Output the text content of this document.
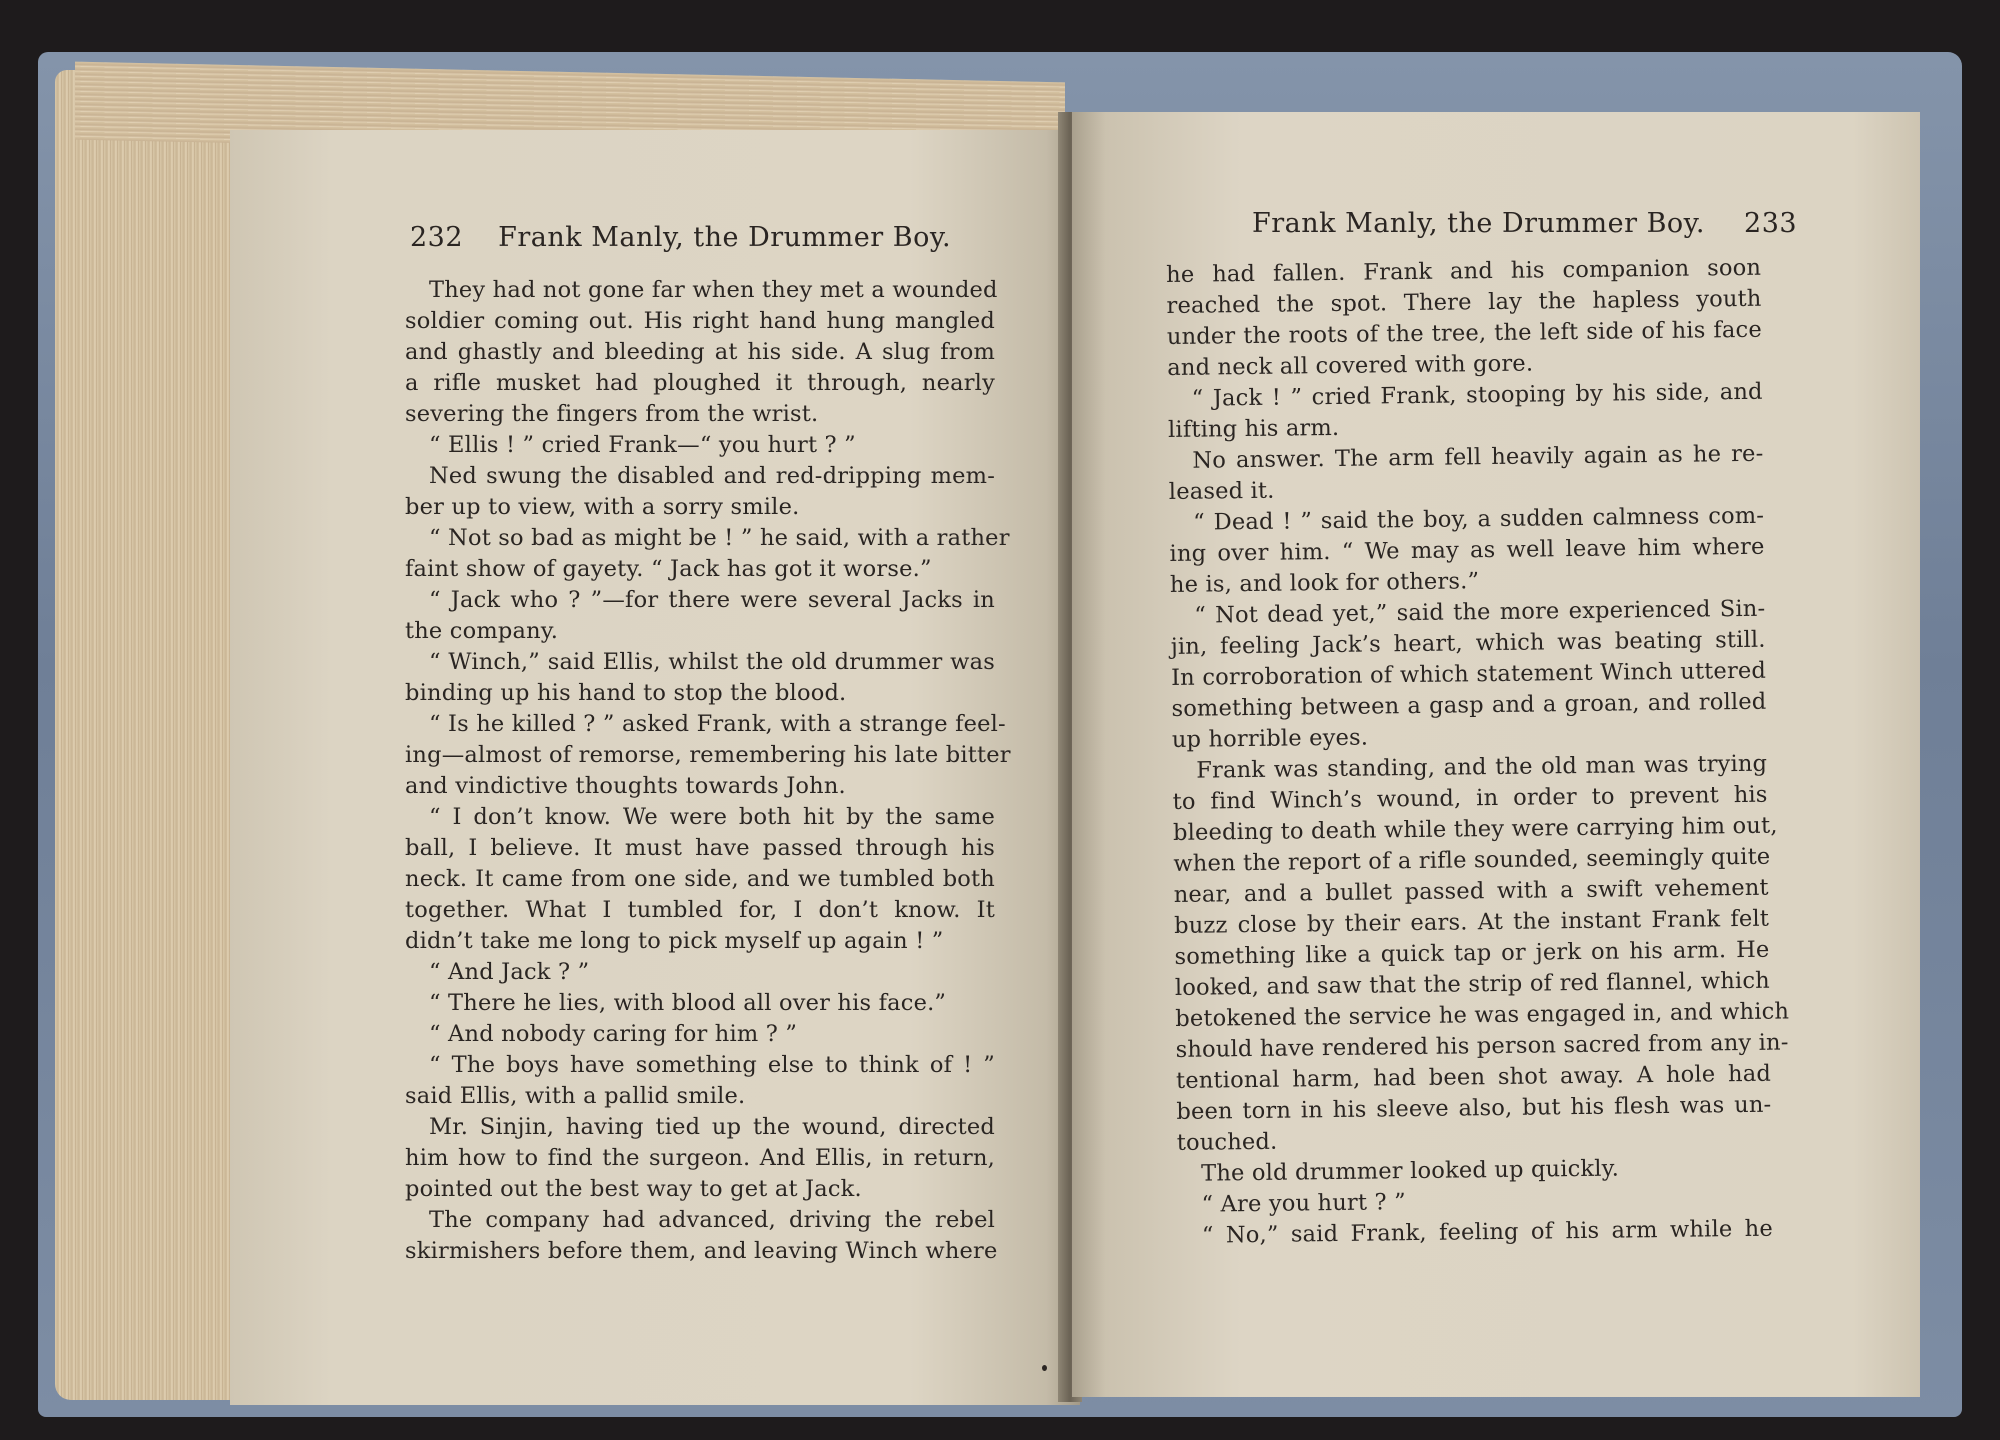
232 Frank Manly, the Drummer Boy.
They had not gone far when they met a wounded
soldier coming out. His right hand hung mangled
and ghastly and bleeding at his side. A slug from
a rifle musket had ploughed it through, nearly
severing the fingers from the wrist.
“ Ellis ! ” cried Frank—“ you hurt ? ”
Ned swung the disabled and red-dripping mem-
ber up to view, with a sorry smile.
“ Not so bad as might be ! ” he said, with a rather
faint show of gayety. “ Jack has got it worse.”
“ Jack who ? ”—for there were several Jacks in
the company.
“ Winch,” said Ellis, whilst the old drummer was
binding up his hand to stop the blood.
“ Is he killed ? ” asked Frank, with a strange feel-
ing—almost of remorse, remembering his late bitter
and vindictive thoughts towards John.
“ I don’t know. We were both hit by the same
ball, I believe. It must have passed through his
neck. It came from one side, and we tumbled both
together. What I tumbled for, I don’t know. It
didn’t take me long to pick myself up again ! ”
“ And Jack ? ”
“ There he lies, with blood all over his face.”
“ And nobody caring for him ? ”
“ The boys have something else to think of ! ”
said Ellis, with a pallid smile.
Mr. Sinjin, having tied up the wound, directed
him how to find the surgeon. And Ellis, in return,
pointed out the best way to get at Jack.
The company had advanced, driving the rebel
skirmishers before them, and leaving Winch where
Frank Manly, the Drummer Boy. 233
he had fallen. Frank and his companion soon
reached the spot. There lay the hapless youth
under the roots of the tree, the left side of his face
and neck all covered with gore.
“ Jack ! ” cried Frank, stooping by his side, and
lifting his arm.
No answer. The arm fell heavily again as he re-
leased it.
“ Dead ! ” said the boy, a sudden calmness com-
ing over him. “ We may as well leave him where
he is, and look for others.”
“ Not dead yet,” said the more experienced Sin-
jin, feeling Jack’s heart, which was beating still.
In corroboration of which statement Winch uttered
something between a gasp and a groan, and rolled
up horrible eyes.
Frank was standing, and the old man was trying
to find Winch’s wound, in order to prevent his
bleeding to death while they were carrying him out,
when the report of a rifle sounded, seemingly quite
near, and a bullet passed with a swift vehement
buzz close by their ears. At the instant Frank felt
something like a quick tap or jerk on his arm. He
looked, and saw that the strip of red flannel, which
betokened the service he was engaged in, and which
should have rendered his person sacred from any in-
tentional harm, had been shot away. A hole had
been torn in his sleeve also, but his flesh was un-
touched.
The old drummer looked up quickly.
“ Are you hurt ? ”
“ No,” said Frank, feeling of his arm while he
